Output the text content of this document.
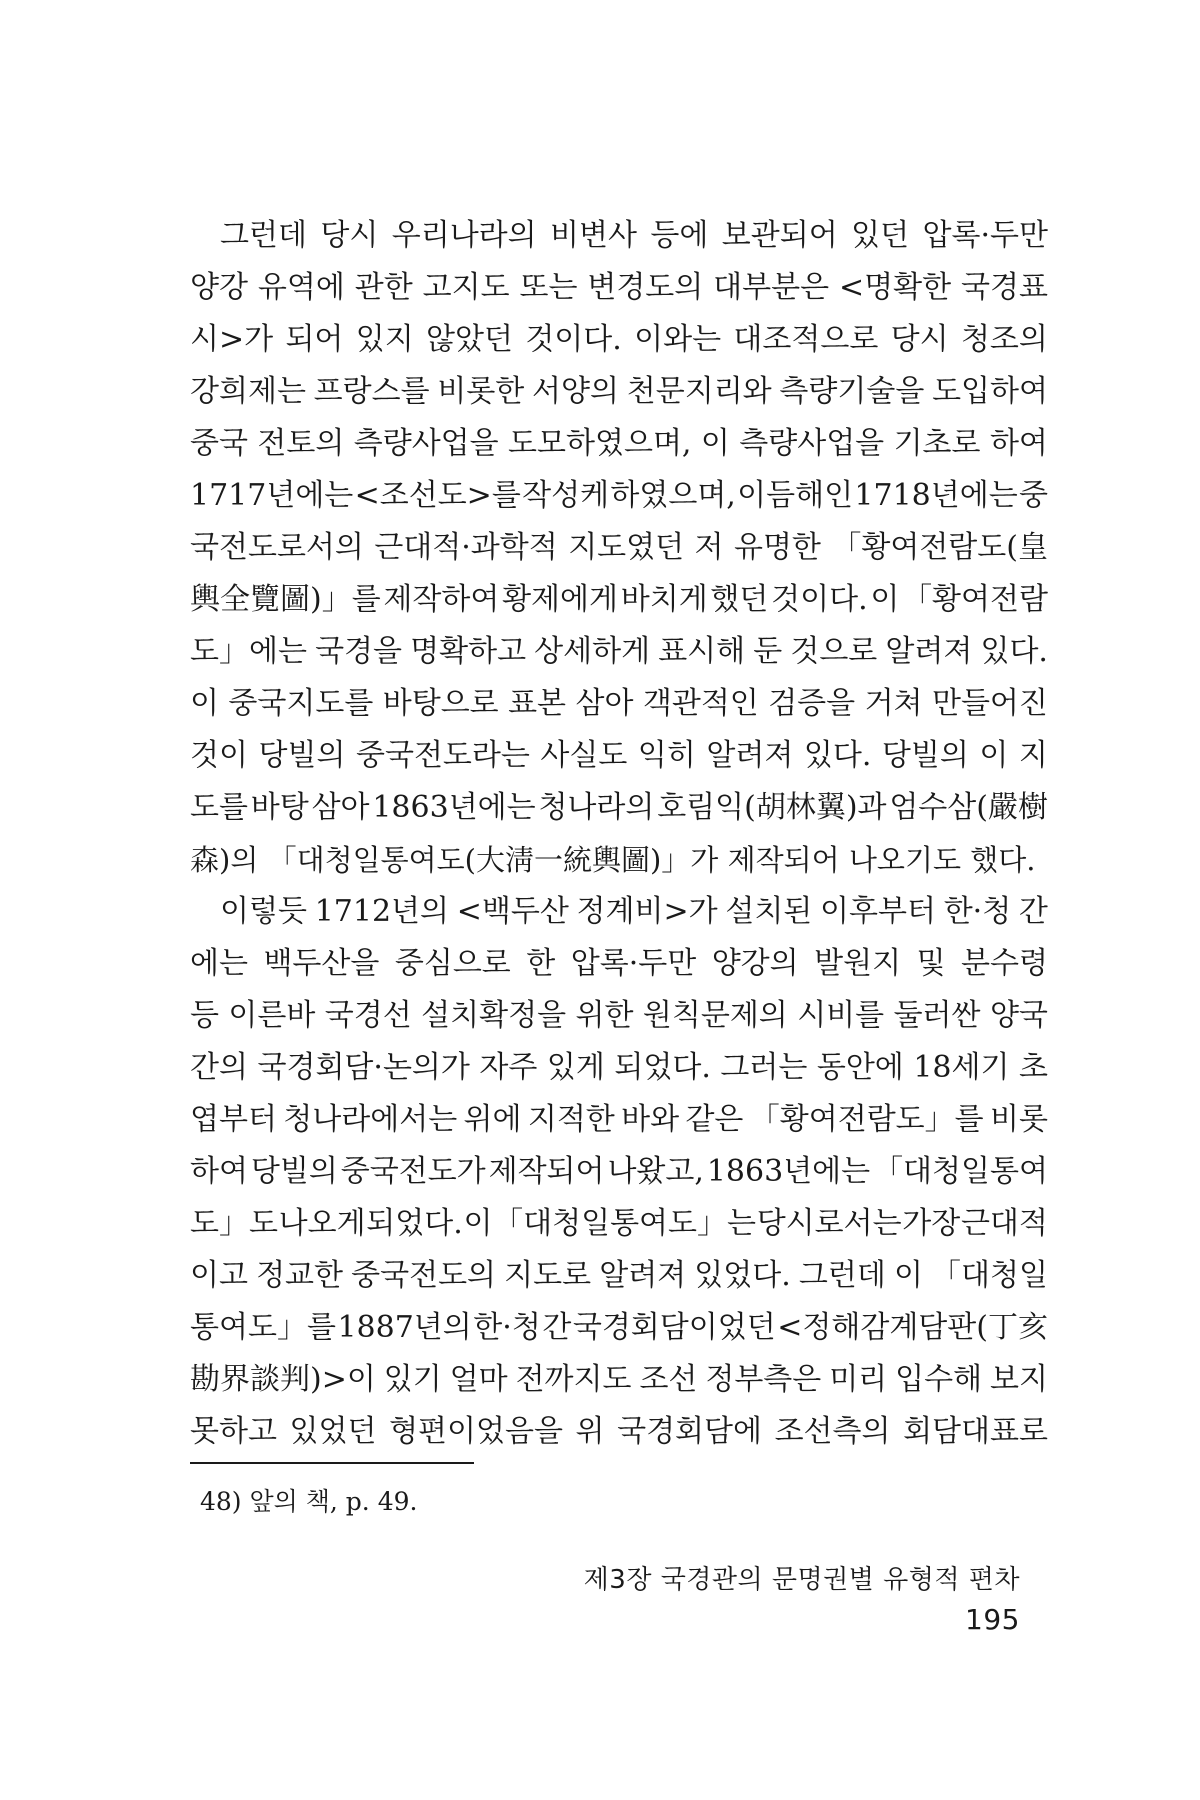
　그런데 당시 우리나라의 비변사 등에 보관되어 있던 압록·두만
양강 유역에 관한 고지도 또는 변경도의 대부분은 <명확한 국경표
시>가 되어 있지 않았던 것이다. 이와는 대조적으로 당시 청조의
강희제는 프랑스를 비롯한 서양의 천문지리와 측량기술을 도입하여
중국 전토의 측량사업을 도모하였으며, 이 측량사업을 기초로 하여
1717년에는 <조선도>를 작성케 하였으며, 이듬해인 1718년에는 중
국전도로서의 근대적·과학적 지도였던 저 유명한 「황여전람도(皇
輿全覽圖)」를 제작하여 황제에게 바치게 했던 것이다. 이 「황여전람
도」에는 국경을 명확하고 상세하게 표시해 둔 것으로 알려져 있다.
이 중국지도를 바탕으로 표본 삼아 객관적인 검증을 거쳐 만들어진
것이 당빌의 중국전도라는 사실도 익히 알려져 있다. 당빌의 이 지
도를 바탕 삼아 1863년에는 청나라의 호림익(胡林翼)과 엄수삼(嚴樹
森)의 「대청일통여도(大淸一統輿圖)」가 제작되어 나오기도 했다.
　이렇듯 1712년의 <백두산 정계비>가 설치된 이후부터 한·청 간
에는 백두산을 중심으로 한 압록·두만 양강의 발원지 및 분수령
등 이른바 국경선 설치확정을 위한 원칙문제의 시비를 둘러싼 양국
간의 국경회담·논의가 자주 있게 되었다. 그러는 동안에 18세기 초
엽부터 청나라에서는 위에 지적한 바와 같은 「황여전람도」를 비롯
하여 당빌의 중국전도가 제작되어 나왔고, 1863년에는 「대청일통여
도」도 나오게 되었다. 이 「대청일통여도」는 당시로서는 가장 근대적
이고 정교한 중국전도의 지도로 알려져 있었다. 그런데 이 「대청일
통여도」를 1887년의 한·청 간 국경회담이었던 <정해감계담판(丁亥
勘界談判)>이 있기 얼마 전까지도 조선 정부측은 미리 입수해 보지
못하고 있었던 형편이었음을 위 국경회담에 조선측의 회담대표로
48) 앞의 책, p. 49.
제3장 국경관의 문명권별 유형적 편차 195
